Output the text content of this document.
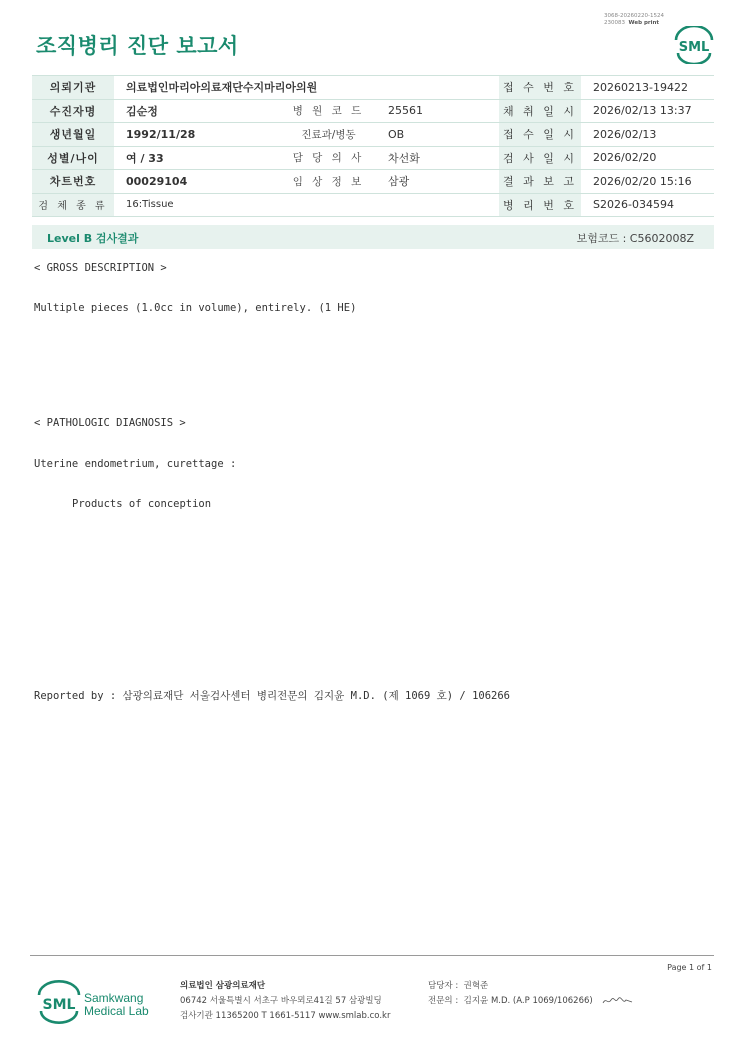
조직병리 진단 보고서
3068-20260220-1524
230083 Web print
SML
의뢰기관	의료법인마리아의료재단수지마리아의원			접 수 번 호	20260213-19422
수진자명	김순정	병 원 코 드	25561	채 취 일 시	2026/02/13 13:37
생년월일	1992/11/28	진료과/병동	OB	접 수 일 시	2026/02/13
성별/나이	여 / 33	담 당 의 사	차선화	검 사 일 시	2026/02/20
차트번호	00029104	임 상 정 보	삼광	결 과 보 고	2026/02/20 15:16
검 체 종 류	16:Tissue			병 리 번 호	S2026-034594
Level B 검사결과	보험코드 : C5602008Z
< GROSS DESCRIPTION >
Multiple pieces (1.0cc in volume), entirely. (1 HE)
< PATHOLOGIC DIAGNOSIS >
Uterine endometrium, curettage :
Products of conception
Reported by : 삼광의료재단 서울검사센터 병리전문의 김지윤 M.D. (제 1069 호) / 106266
Page 1 of 1
SML Samkwang
Medical Lab
의료법인 삼광의료재단
06742 서울특별시 서초구 바우뫼로41길 57 삼광빌딩
검사기관 11365200 T 1661-5117 www.smlab.co.kr
담당자 : 권혁준
전문의 : 김지윤 M.D. (A.P 1069/106266)
